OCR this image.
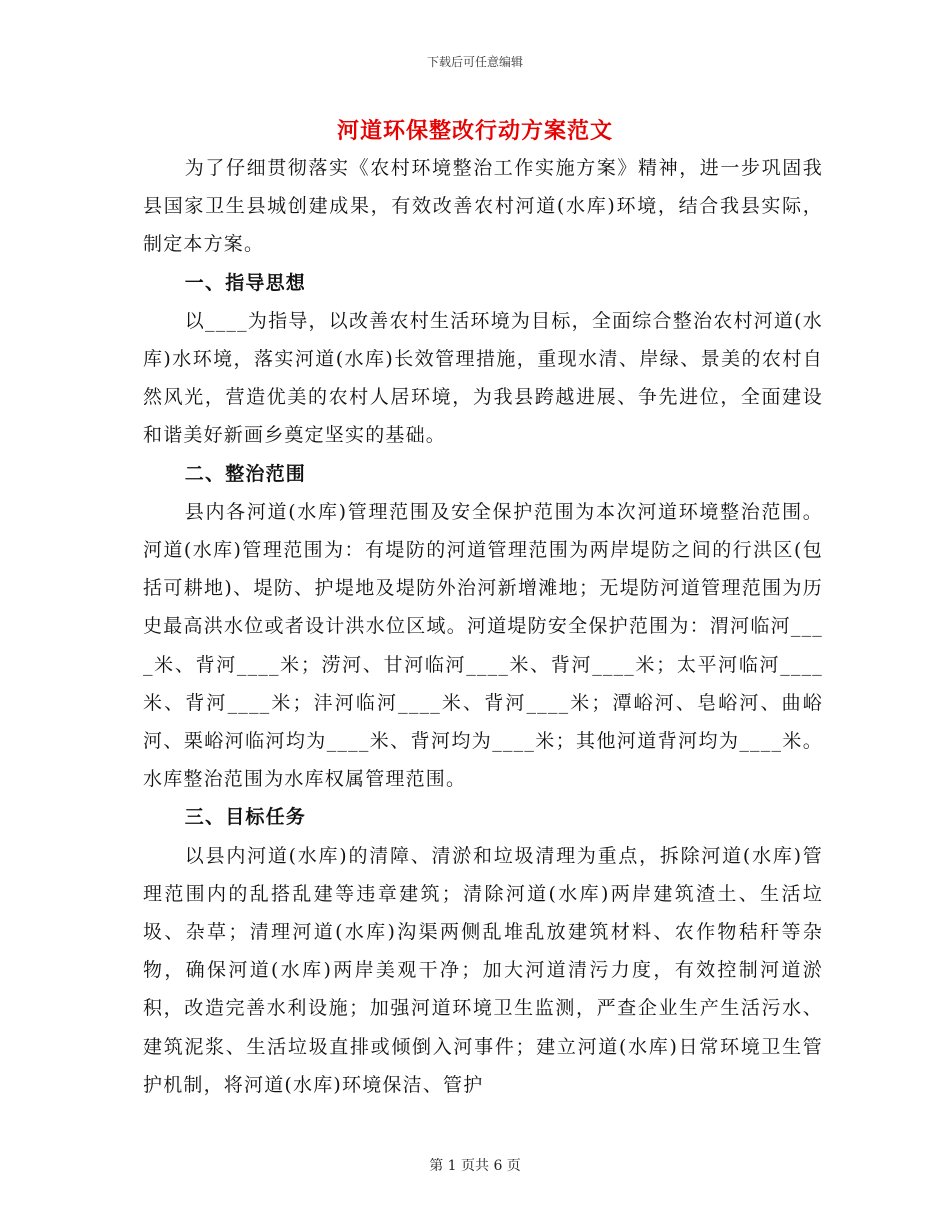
下载后可任意编辑
河道环保整改行动方案范文

为了仔细贯彻落实《农村环境整治工作实施方案》精神，进一步巩固我县国家卫生县城创建成果，有效改善农村河道(水库)环境，结合我县实际，制定本方案。

一、指导思想

以____为指导，以改善农村生活环境为目标，全面综合整治农村河道(水库)水环境，落实河道(水库)长效管理措施，重现水清、岸绿、景美的农村自然风光，营造优美的农村人居环境，为我县跨越进展、争先进位，全面建设和谐美好新画乡奠定坚实的基础。

二、整治范围

县内各河道(水库)管理范围及安全保护范围为本次河道环境整治范围。河道(水库)管理范围为：有堤防的河道管理范围为两岸堤防之间的行洪区(包括可耕地)、堤防、护堤地及堤防外治河新增滩地；无堤防河道管理范围为历史最高洪水位或者设计洪水位区域。河道堤防安全保护范围为：渭河临河____米、背河____米；涝河、甘河临河____米、背河____米；太平河临河____米、背河____米；沣河临河____米、背河____米；潭峪河、皂峪河、曲峪河、栗峪河临河均为____米、背河均为____米；其他河道背河均为____米。水库整治范围为水库权属管理范围。

三、目标任务

以县内河道(水库)的清障、清淤和垃圾清理为重点，拆除河道(水库)管理范围内的乱搭乱建等违章建筑；清除河道(水库)两岸建筑渣土、生活垃圾、杂草；清理河道(水库)沟渠两侧乱堆乱放建筑材料、农作物秸秆等杂物，确保河道(水库)两岸美观干净；加大河道清污力度，有效控制河道淤积，改造完善水利设施；加强河道环境卫生监测，严查企业生产生活污水、建筑泥浆、生活垃圾直排或倾倒入河事件；建立河道(水库)日常环境卫生管护机制，将河道(水库)环境保洁、管护

第 1 页共 6 页
